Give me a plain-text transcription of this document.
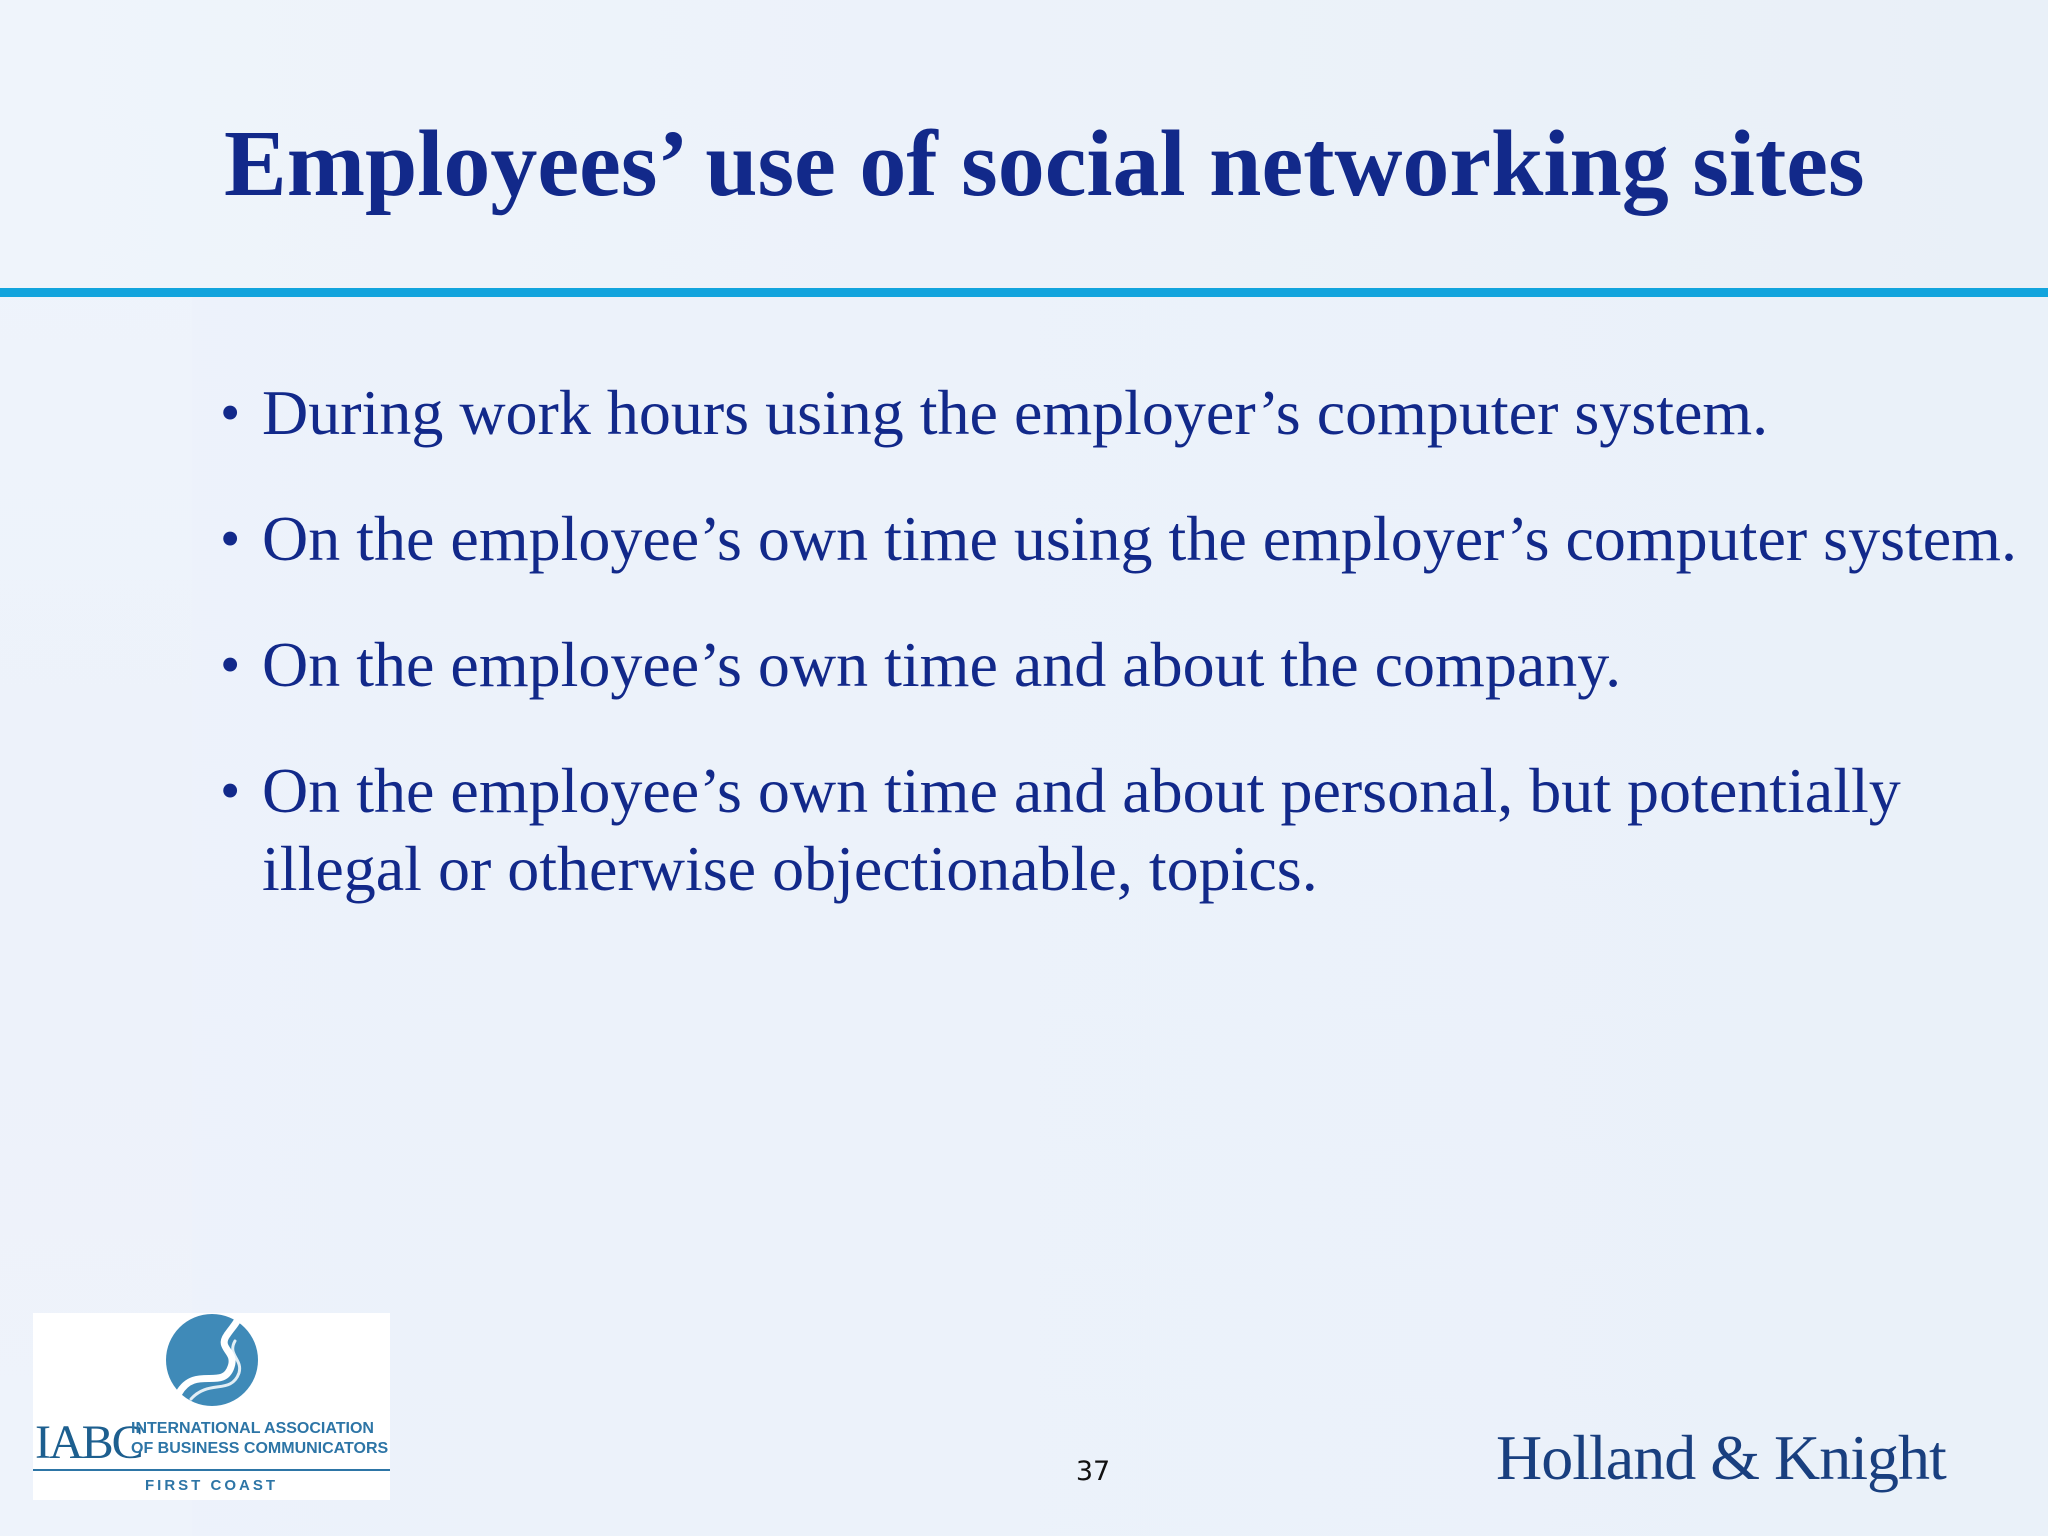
Employees’ use of social networking sites
• During work hours using the employer’s computer system.
• On the employee’s own time using the employer’s computer system.
• On the employee’s own time and about the company.
• On the employee’s own time and about personal, but potentially illegal or otherwise objectionable, topics.
IABC
INTERNATIONAL ASSOCIATION
OF BUSINESS COMMUNICATORS
FIRST COAST	37	Holland & Knight
